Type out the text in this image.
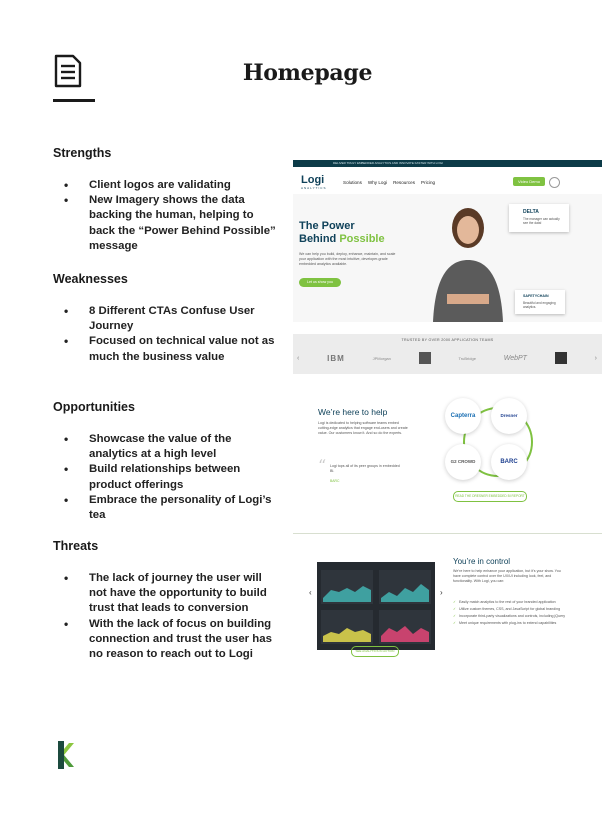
Homepage
Strengths
• Client logos are validating
• New Imagery shows the data backing the human, helping to back the “Power Behind Possible” message
Weaknesses
• 8 Different CTAs Confuse User Journey
• Focused on technical value not as much the business value
Opportunities
• Showcase the value of the analytics at a high level
• Build relationships between product offerings
• Embrace the personality of Logi’s tea
Threats
• The lack of journey the user will not have the opportunity to build trust that leads to conversion
• With the lack of focus on building connection and trust the user has no reason to reach out to Logi
DELIVER TRULY EMBEDDED ANALYTICS AND INNOVATE FASTER WITH LOGI
Logi
ANALYTICS
Solutions Why Logi Resources Pricing	Video Demo
The Power
Behind Possible
We can help you build, deploy, enhance, maintain, and scale your application with the most intuitive, developer-grade embedded analytics available.
Let us show you
DELTA
The manager can actually see the data!
SAFETYCHAIN
Beautiful and engaging analytics.
TRUSTED BY OVER 2000 APPLICATION TEAMS
‹	IBM	JPMorgan	TruBridge	WebPT	›
We’re here to help
Logi is dedicated to helping software teams embed cutting-edge analytics that engage end-users and create value. Our customers know it. And so do the experts.
“ Logi tops all of its peer groups in embedded BI.
BARC
Capterra	Dresner
G2 CROWD	BARC
READ THE DRESNER EMBEDDED BI REPORT
‹	›
You’re in control
We’re here to help enhance your application, but it’s your show. You have complete control over the UX/UI including look, feel, and functionality. With Logi, you can:
✓ Easily match analytics to the rest of your branded application
✓ Utilize custom themes, CSS, and JavaScript for global branding
✓ Incorporate third-party visualizations and controls, including jQuery
✓ Meet unique requirements with plug-ins to extend capabilities
SEE ANALYTICS IN ACTION
